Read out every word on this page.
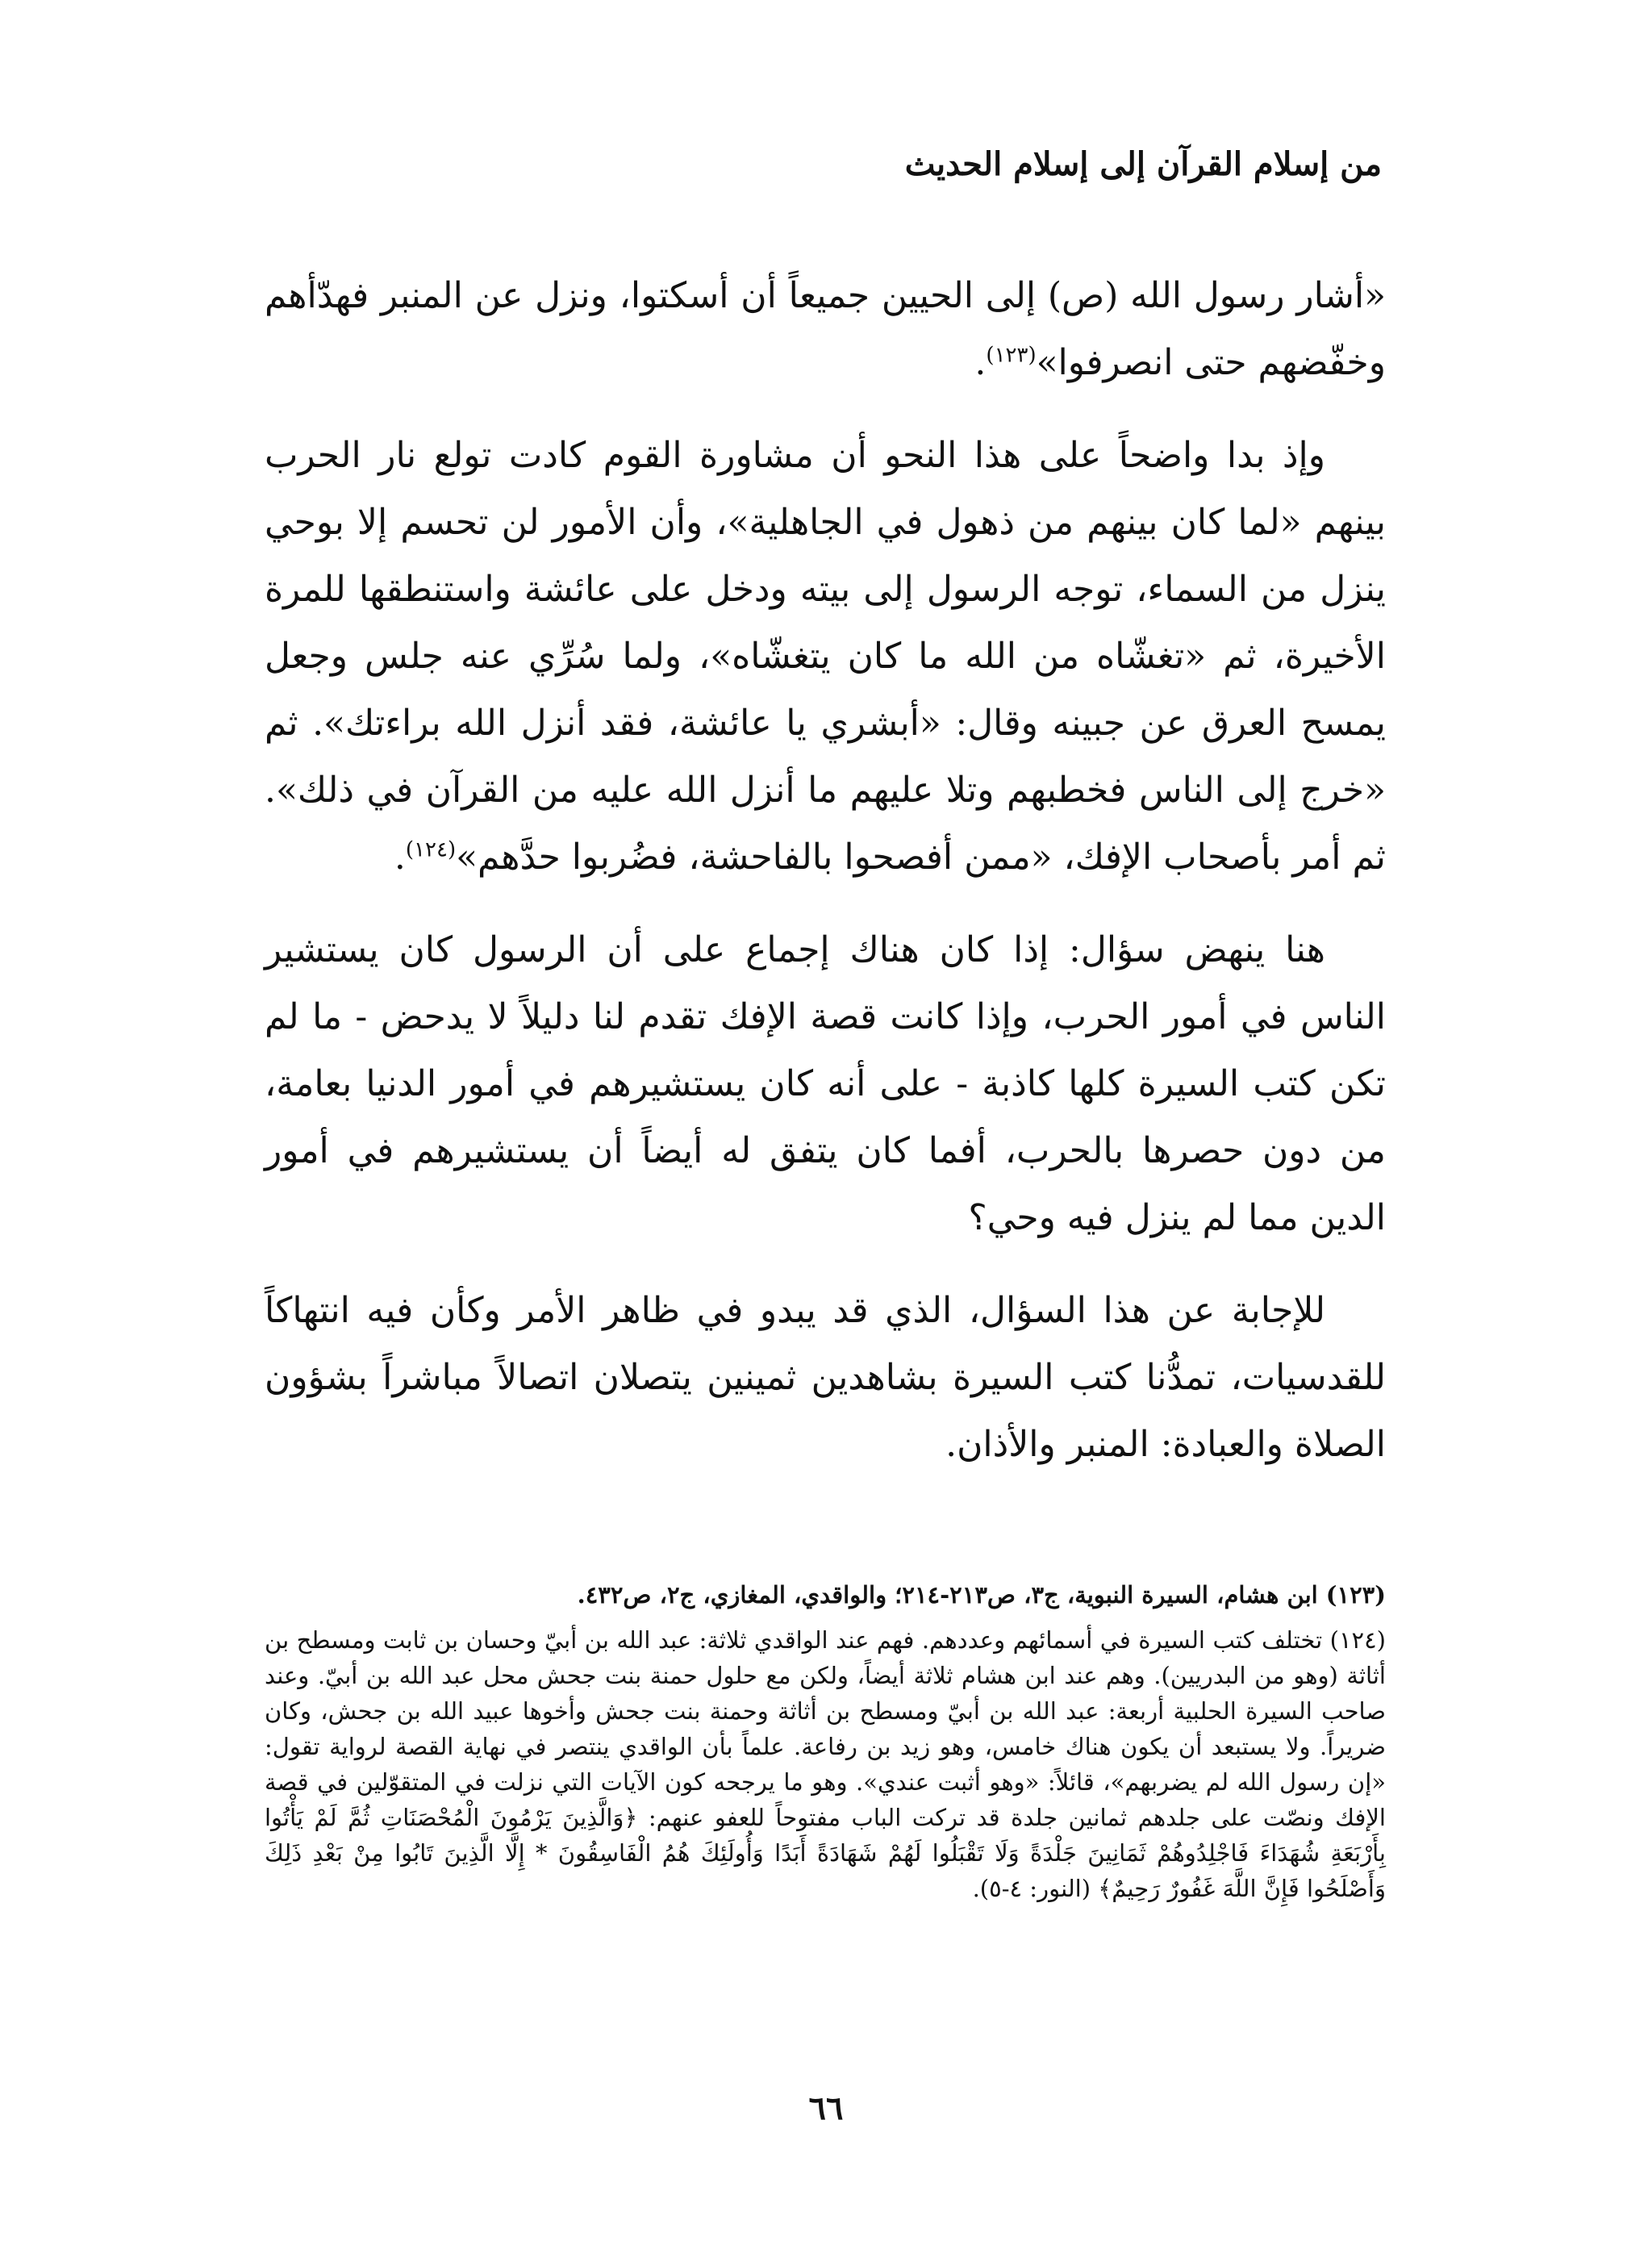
من إسلام القرآن إلى إسلام الحديث

«أشار رسول الله (ص) إلى الحيين جميعاً أن أسكتوا، ونزل عن المنبر فهدّأهم وخفّضهم حتى انصرفوا»$^{(١٢٣)}$.

وإذ بدا واضحاً على هذا النحو أن مشاورة القوم كادت تولع نار الحرب بينهم «لما كان بينهم من ذهول في الجاهلية»، وأن الأمور لن تحسم إلا بوحي ينزل من السماء، توجه الرسول إلى بيته ودخل على عائشة واستنطقها للمرة الأخيرة، ثم «تغشّاه من الله ما كان يتغشّاه»، ولما سُرِّي عنه جلس وجعل يمسح العرق عن جبينه وقال: «أبشري يا عائشة، فقد أنزل الله براءتك». ثم «خرج إلى الناس فخطبهم وتلا عليهم ما أنزل الله عليه من القرآن في ذلك». ثم أمر بأصحاب الإفك، «ممن أفصحوا بالفاحشة، فضُربوا حدَّهم»$^{(١٢٤)}$.

هنا ينهض سؤال: إذا كان هناك إجماع على أن الرسول كان يستشير الناس في أمور الحرب، وإذا كانت قصة الإفك تقدم لنا دليلاً لا يدحض - ما لم تكن كتب السيرة كلها كاذبة - على أنه كان يستشيرهم في أمور الدنيا بعامة، من دون حصرها بالحرب، أفما كان يتفق له أيضاً أن يستشيرهم في أمور الدين مما لم ينزل فيه وحي؟

للإجابة عن هذا السؤال، الذي قد يبدو في ظاهر الأمر وكأن فيه انتهاكاً للقدسيات، تمدُّنا كتب السيرة بشاهدين ثمينين يتصلان اتصالاً مباشراً بشؤون الصلاة والعبادة: المنبر والأذان.

(١٢٣) ابن هشام، السيرة النبوية، ج٣، ص٢١٣-٢١٤؛ والواقدي، المغازي، ج٢، ص٤٣٢.

(١٢٤) تختلف كتب السيرة في أسمائهم وعددهم. فهم عند الواقدي ثلاثة: عبد الله بن أبيّ وحسان بن ثابت ومسطح بن أثاثة (وهو من البدريين). وهم عند ابن هشام ثلاثة أيضاً، ولكن مع حلول حمنة بنت جحش محل عبد الله بن أبيّ. وعند صاحب السيرة الحلبية أربعة: عبد الله بن أبيّ ومسطح بن أثاثة وحمنة بنت جحش وأخوها عبيد الله بن جحش، وكان ضريراً. ولا يستبعد أن يكون هناك خامس، وهو زيد بن رفاعة. علماً بأن الواقدي ينتصر في نهاية القصة لرواية تقول: «إن رسول الله لم يضربهم»، قائلاً: «وهو أثبت عندي». وهو ما يرجحه كون الآيات التي نزلت في المتقوّلين في قصة الإفك ونصّت على جلدهم ثمانين جلدة قد تركت الباب مفتوحاً للعفو عنهم: ﴿وَالَّذِينَ يَرْمُونَ الْمُحْصَنَاتِ ثُمَّ لَمْ يَأْتُوا بِأَرْبَعَةِ شُهَدَاءَ فَاجْلِدُوهُمْ ثَمَانِينَ جَلْدَةً وَلَا تَقْبَلُوا لَهُمْ شَهَادَةً أَبَدًا وَأُولَئِكَ هُمُ الْفَاسِقُونَ * إِلَّا الَّذِينَ تَابُوا مِنْ بَعْدِ ذَلِكَ وَأَصْلَحُوا فَإِنَّ اللَّهَ غَفُورٌ رَحِيمٌ﴾ (النور: ٤-٥).

٦٦
